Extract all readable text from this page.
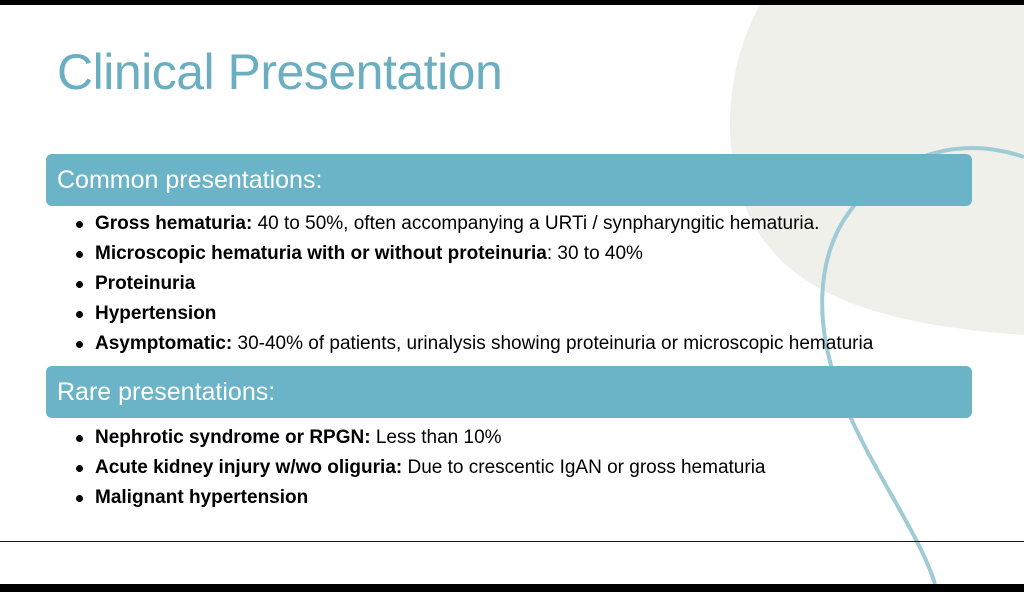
Clinical Presentation
Common presentations:
Gross hematuria: 40 to 50%, often accompanying a URTi / synpharyngitic hematuria.
Microscopic hematuria with or without proteinuria: 30 to 40%
Proteinuria
Hypertension
Asymptomatic: 30-40% of patients, urinalysis showing proteinuria or microscopic hematuria
Rare presentations:
Nephrotic syndrome or RPGN: Less than 10%
Acute kidney injury w/wo oliguria: Due to crescentic IgAN or gross hematuria
Malignant hypertension
